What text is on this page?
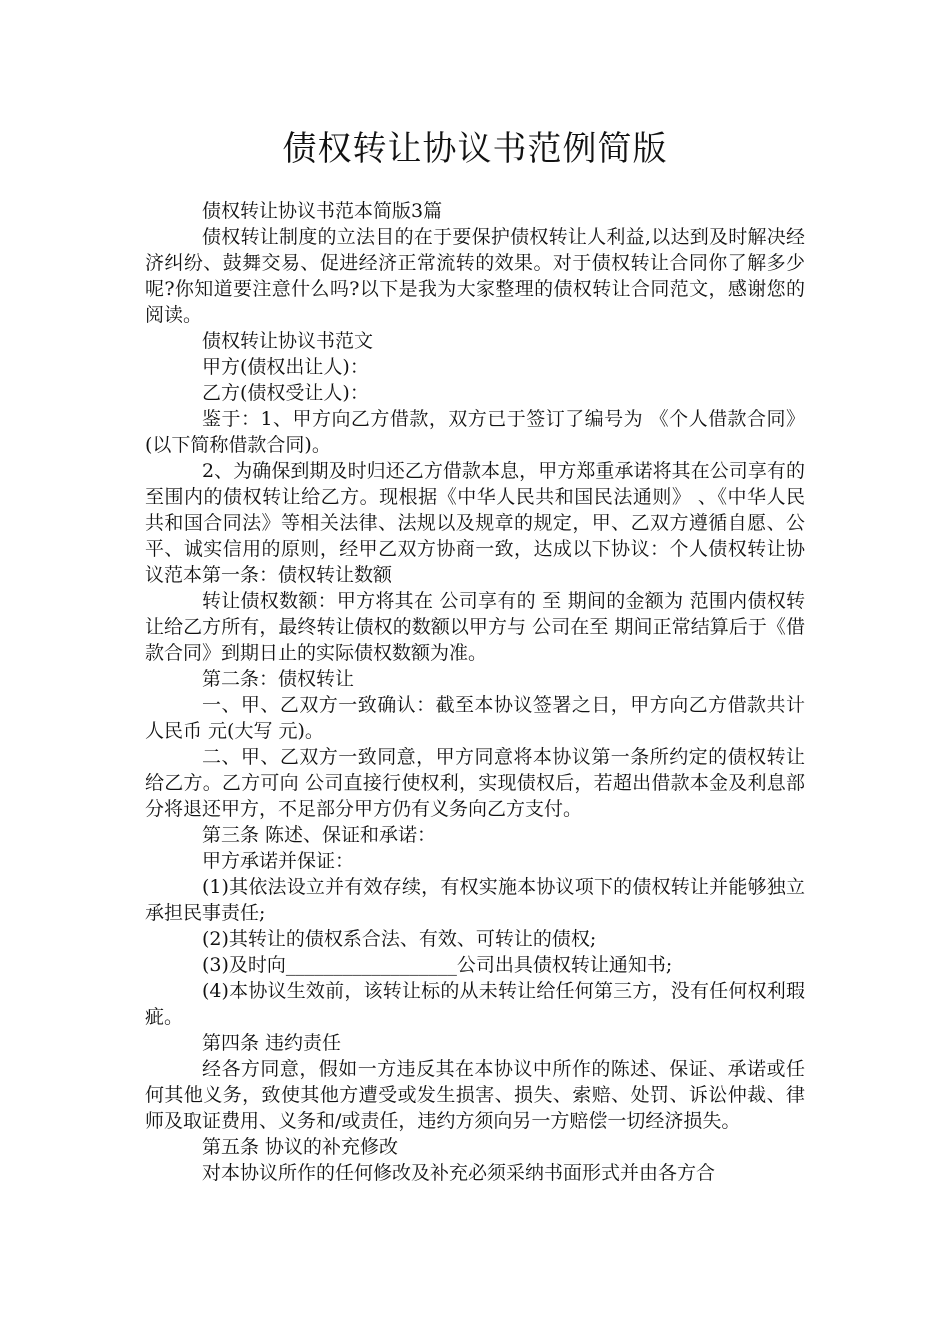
债权转让协议书范例简版

债权转让协议书范本简版3篇

债权转让制度的立法目的在于要保护债权转让人利益,以达到及时解决经济纠纷、鼓舞交易、促进经济正常流转的效果。对于债权转让合同你了解多少呢?你知道要注意什么吗?以下是我为大家整理的债权转让合同范文，感谢您的阅读。

债权转让协议书范文

甲方(债权出让人)：

乙方(债权受让人)：

鉴于：1、甲方向乙方借款，双方已于签订了编号为 《个人借款合同》(以下简称借款合同)。

2、为确保到期及时归还乙方借款本息，甲方郑重承诺将其在公司享有的至围内的债权转让给乙方。现根据《中华人民共和国民法通则》 、《中华人民共和国合同法》等相关法律、法规以及规章的规定，甲、乙双方遵循自愿、公平、诚实信用的原则，经甲乙双方协商一致，达成以下协议：个人债权转让协议范本第一条：债权转让数额

转让债权数额：甲方将其在 公司享有的 至 期间的金额为 范围内债权转让给乙方所有，最终转让债权的数额以甲方与 公司在至 期间正常结算后于《借款合同》到期日止的实际债权数额为准。

第二条：债权转让

一、甲、乙双方一致确认：截至本协议签署之日，甲方向乙方借款共计人民币 元(大写 元)。

二、甲、乙双方一致同意，甲方同意将本协议第一条所约定的债权转让给乙方。乙方可向 公司直接行使权利，实现债权后，若超出借款本金及利息部分将退还甲方，不足部分甲方仍有义务向乙方支付。

第三条 陈述、保证和承诺：

甲方承诺并保证：

(1)其依法设立并有效存续，有权实施本协议项下的债权转让并能够独立承担民事责任;

(2)其转让的债权系合法、有效、可转让的债权;

(3)及时向__________________公司出具债权转让通知书;

(4)本协议生效前，该转让标的从未转让给任何第三方，没有任何权利瑕疵。

第四条 违约责任

经各方同意，假如一方违反其在本协议中所作的陈述、保证、承诺或任何其他义务，致使其他方遭受或发生损害、损失、索赔、处罚、诉讼仲裁、律师及取证费用、义务和/或责任，违约方须向另一方赔偿一切经济损失。

第五条 协议的补充修改

对本协议所作的任何修改及补充必须采纳书面形式并由各方合
